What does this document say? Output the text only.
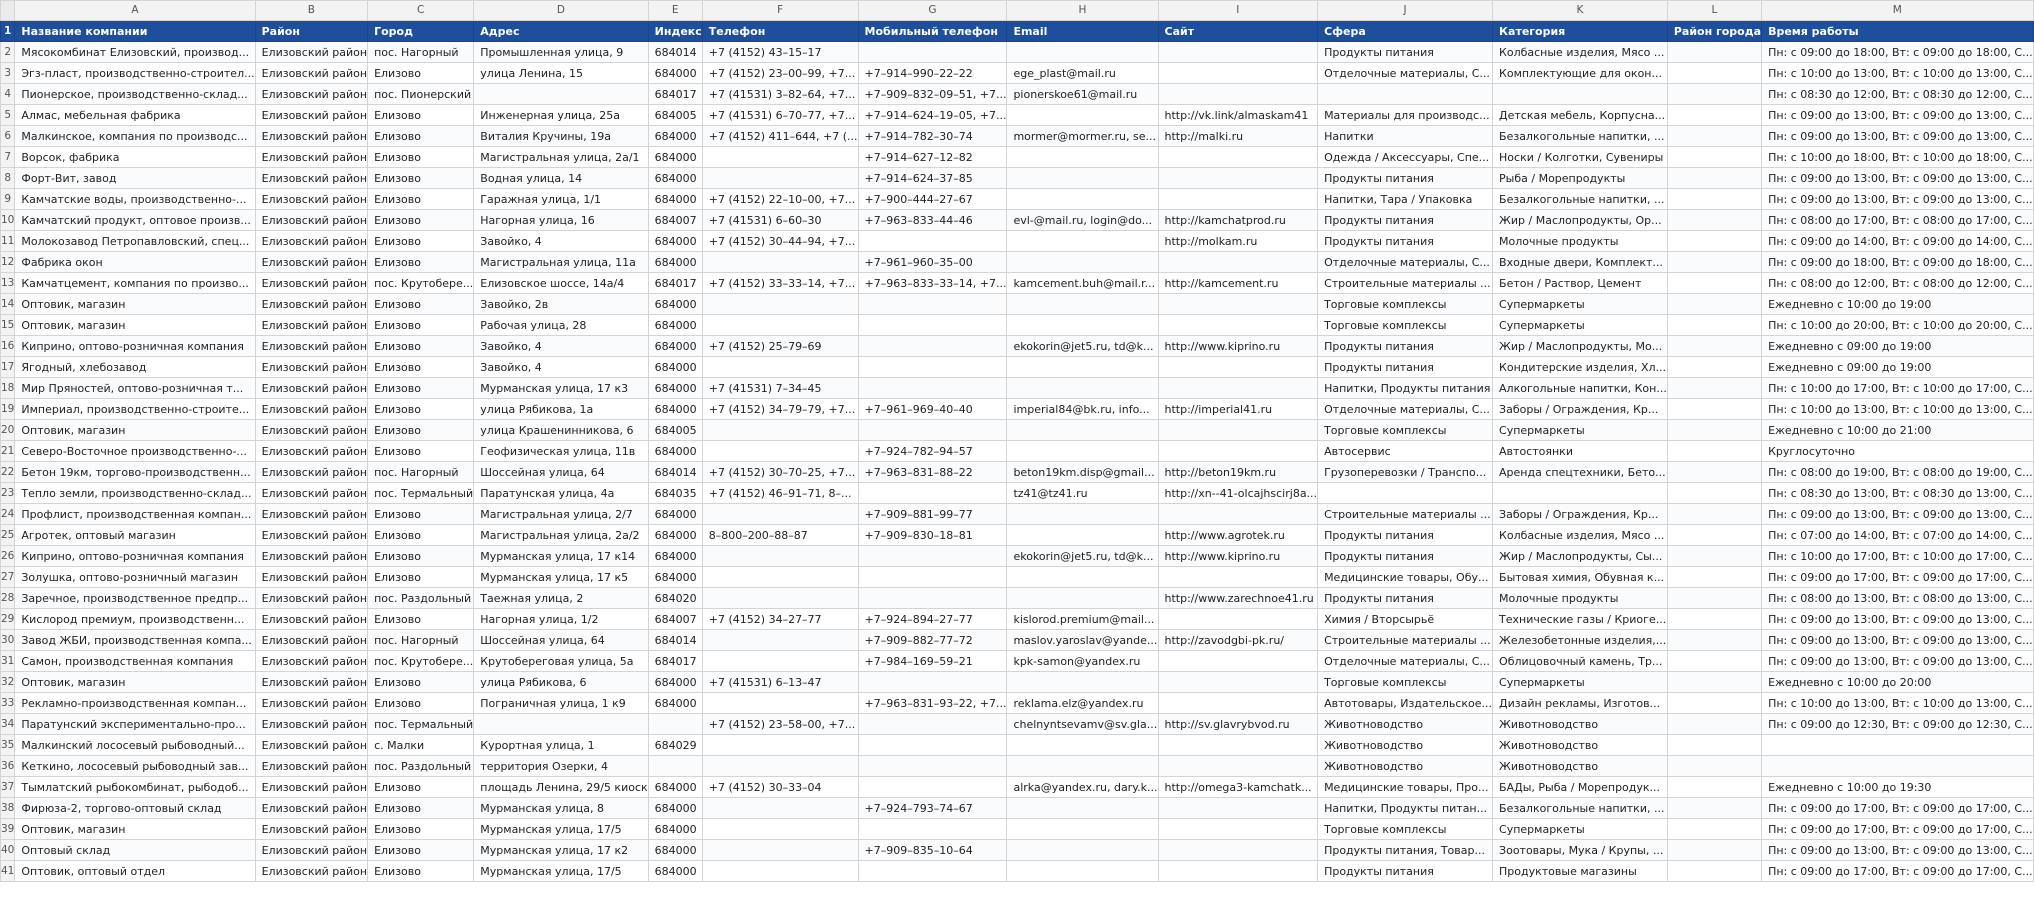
	A	B	C	D	E	F	G	H	I	J	K	L	M
1	Название компании	Район	Город	Адрес	Индекс	Телефон	Мобильный телефон	Email	Сайт	Сфера	Категория	Район города	Время работы
2	Мясокомбинат Елизовский, производ...	Елизовский район	пос. Нагорный	Промышленная улица, 9	684014	+7 (4152) 43–15–17				Продукты питания	Колбасные изделия, Мясо ...		Пн: с 09:00 до 18:00, Вт: с 09:00 до 18:00, С...
3	Эгз-пласт, производственно-строител...	Елизовский район	Елизово	улица Ленина, 15	684000	+7 (4152) 23–00–99, +7...	+7–914–990–22–22	ege_plast@mail.ru		Отделочные материалы, С...	Комплектующие для окон...		Пн: с 10:00 до 13:00, Вт: с 10:00 до 13:00, С...
4	Пионерское, производственно-склад...	Елизовский район	пос. Пионерский		684017	+7 (41531) 3–82–64, +7...	+7–909–832–09–51, +7...	pionerskoe61@mail.ru					Пн: с 08:30 до 12:00, Вт: с 08:30 до 12:00, С...
5	Алмас, мебельная фабрика	Елизовский район	Елизово	Инженерная улица, 25а	684005	+7 (41531) 6–70–77, +7...	+7–914–624–19–05, +7...		http://vk.link/almaskam41	Материалы для производс...	Детская мебель, Корпусна...		Пн: с 09:00 до 13:00, Вт: с 09:00 до 13:00, С...
6	Малкинское, компания по производс...	Елизовский район	Елизово	Виталия Кручины, 19а	684000	+7 (4152) 411–644, +7 (...	+7–914–782–30–74	mormer@mormer.ru, se...	http://malki.ru	Напитки	Безалкогольные напитки, ...		Пн: с 09:00 до 13:00, Вт: с 09:00 до 13:00, С...
7	Ворсок, фабрика	Елизовский район	Елизово	Магистральная улица, 2а/1	684000		+7–914–627–12–82			Одежда / Аксессуары, Спе...	Носки / Колготки, Сувениры		Пн: с 10:00 до 18:00, Вт: с 10:00 до 18:00, С...
8	Форт-Вит, завод	Елизовский район	Елизово	Водная улица, 14	684000		+7–914–624–37–85			Продукты питания	Рыба / Морепродукты		Пн: с 09:00 до 13:00, Вт: с 09:00 до 13:00, С...
9	Камчатские воды, производственно-...	Елизовский район	Елизово	Гаражная улица, 1/1	684000	+7 (4152) 22–10–00, +7...	+7–900–444–27–67			Напитки, Тара / Упаковка	Безалкогольные напитки, ...		Пн: с 09:00 до 13:00, Вт: с 09:00 до 13:00, С...
10	Камчатский продукт, оптовое произв...	Елизовский район	Елизово	Нагорная улица, 16	684007	+7 (41531) 6–60–30	+7–963–833–44–46	evl-@mail.ru, login@do...	http://kamchatprod.ru	Продукты питания	Жир / Маслопродукты, Ор...		Пн: с 08:00 до 17:00, Вт: с 08:00 до 17:00, С...
11	Молокозавод Петропавловский, спец...	Елизовский район	Елизово	Завойко, 4	684000	+7 (4152) 30–44–94, +7...			http://molkam.ru	Продукты питания	Молочные продукты		Пн: с 09:00 до 14:00, Вт: с 09:00 до 14:00, С...
12	Фабрика окон	Елизовский район	Елизово	Магистральная улица, 11а	684000		+7–961–960–35–00			Отделочные материалы, С...	Входные двери, Комплект...		Пн: с 09:00 до 18:00, Вт: с 09:00 до 18:00, С...
13	Камчатцемент, компания по произво...	Елизовский район	пос. Крутоберe...	Елизовское шоссе, 14а/4	684017	+7 (4152) 33–33–14, +7...	+7–963–833–33–14, +7...	kamcement.buh@mail.r...	http://kamcement.ru	Строительные материалы ...	Бетон / Раствор, Цемент		Пн: с 08:00 до 12:00, Вт: с 08:00 до 12:00, С...
14	Оптовик, магазин	Елизовский район	Елизово	Завойко, 2в	684000					Торговые комплексы	Супермаркеты		Ежедневно с 10:00 до 19:00
15	Оптовик, магазин	Елизовский район	Елизово	Рабочая улица, 28	684000					Торговые комплексы	Супермаркеты		Пн: с 10:00 до 20:00, Вт: с 10:00 до 20:00, С...
16	Киприно, оптово-розничная компания	Елизовский район	Елизово	Завойко, 4	684000	+7 (4152) 25–79–69		ekokorin@jet5.ru, td@k...	http://www.kiprino.ru	Продукты питания	Жир / Маслопродукты, Мо...		Ежедневно с 09:00 до 19:00
17	Ягодный, хлебозавод	Елизовский район	Елизово	Завойко, 4	684000					Продукты питания	Кондитерские изделия, Хл...		Ежедневно с 09:00 до 19:00
18	Мир Пряностей, оптово-розничная т...	Елизовский район	Елизово	Мурманская улица, 17 к3	684000	+7 (41531) 7–34–45				Напитки, Продукты питания	Алкогольные напитки, Кон...		Пн: с 10:00 до 17:00, Вт: с 10:00 до 17:00, С...
19	Империал, производственно-строите...	Елизовский район	Елизово	улица Рябикова, 1а	684000	+7 (4152) 34–79–79, +7...	+7–961–969–40–40	imperial84@bk.ru, info...	http://imperial41.ru	Отделочные материалы, С...	Заборы / Ограждения, Кр...		Пн: с 10:00 до 13:00, Вт: с 10:00 до 13:00, С...
20	Оптовик, магазин	Елизовский район	Елизово	улица Крашенинникова, 6	684005					Торговые комплексы	Супермаркеты		Ежедневно с 10:00 до 21:00
21	Северо-Восточное производственно-...	Елизовский район	Елизово	Геофизическая улица, 11в	684000		+7–924–782–94–57			Автосервис	Автостоянки		Круглосуточно
22	Бетон 19км, торгово-производственн...	Елизовский район	пос. Нагорный	Шоссейная улица, 64	684014	+7 (4152) 30–70–25, +7...	+7–963–831–88–22	beton19km.disp@gmail...	http://beton19km.ru	Грузоперевозки / Транспо...	Аренда спецтехники, Бето...		Пн: с 08:00 до 19:00, Вт: с 08:00 до 19:00, С...
23	Тепло земли, производственно-склад...	Елизовский район	пос. Термальный	Паратунская улица, 4а	684035	+7 (4152) 46–91–71, 8–...		tz41@tz41.ru	http://xn--41-olcajhscirj8a...				Пн: с 08:30 до 13:00, Вт: с 08:30 до 13:00, С...
24	Профлист, производственная компан...	Елизовский район	Елизово	Магистральная улица, 2/7	684000		+7–909–881–99–77			Строительные материалы ...	Заборы / Ограждения, Кр...		Пн: с 09:00 до 13:00, Вт: с 09:00 до 13:00, С...
25	Агротек, оптовый магазин	Елизовский район	Елизово	Магистральная улица, 2а/2	684000	8–800–200–88–87	+7–909–830–18–81		http://www.agrotek.ru	Продукты питания	Колбасные изделия, Мясо ...		Пн: с 07:00 до 14:00, Вт: с 07:00 до 14:00, С...
26	Киприно, оптово-розничная компания	Елизовский район	Елизово	Мурманская улица, 17 к14	684000			ekokorin@jet5.ru, td@k...	http://www.kiprino.ru	Продукты питания	Жир / Маслопродукты, Сы...		Пн: с 10:00 до 17:00, Вт: с 10:00 до 17:00, С...
27	Золушка, оптово-розничный магазин	Елизовский район	Елизово	Мурманская улица, 17 к5	684000					Медицинские товары, Обу...	Бытовая химия, Обувная к...		Пн: с 09:00 до 17:00, Вт: с 09:00 до 17:00, С...
28	Заречное, производственное предпр...	Елизовский район	пос. Раздольный	Таежная улица, 2	684020				http://www.zarechnoe41.ru	Продукты питания	Молочные продукты		Пн: с 08:00 до 13:00, Вт: с 08:00 до 13:00, С...
29	Кислород премиум, производственн...	Елизовский район	Елизово	Нагорная улица, 1/2	684007	+7 (4152) 34–27–77	+7–924–894–27–77	kislorod.premium@mail...		Химия / Вторсырьё	Технические газы / Криоге...		Пн: с 09:00 до 13:00, Вт: с 09:00 до 13:00, С...
30	Завод ЖБИ, производственная компа...	Елизовский район	пос. Нагорный	Шоссейная улица, 64	684014		+7–909–882–77–72	maslov.yaroslav@yande...	http://zavodgbi-pk.ru/	Строительные материалы ...	Железобетонные изделия,...		Пн: с 09:00 до 13:00, Вт: с 09:00 до 13:00, С...
31	Самон, производственная компания	Елизовский район	пос. Крутоберe...	Крутобереговая улица, 5а	684017		+7–984–169–59–21	kpk-samon@yandex.ru		Отделочные материалы, С...	Облицовочный камень, Тр...		Пн: с 09:00 до 13:00, Вт: с 09:00 до 13:00, С...
32	Оптовик, магазин	Елизовский район	Елизово	улица Рябикова, 6	684000	+7 (41531) 6–13–47				Торговые комплексы	Супермаркеты		Ежедневно с 10:00 до 20:00
33	Рекламно-производственная компан...	Елизовский район	Елизово	Пограничная улица, 1 к9	684000		+7–963–831–93–22, +7...	reklama.elz@yandex.ru		Автотовары, Издательское...	Дизайн рекламы, Изготов...		Пн: с 10:00 до 13:00, Вт: с 10:00 до 13:00, С...
34	Паратунский экспериментально-про...	Елизовский район	пос. Термальный			+7 (4152) 23–58–00, +7...		chelnyntsevamv@sv.gla...	http://sv.glavrybvod.ru	Животноводство	Животноводство		Пн: с 09:00 до 12:30, Вт: с 09:00 до 12:30, С...
35	Малкинский лососевый рыбоводный...	Елизовский район	с. Малки	Курортная улица, 1	684029					Животноводство	Животноводство		
36	Кеткино, лососевый рыбоводный зав...	Елизовский район	пос. Раздольный	территория Озерки, 4						Животноводство	Животноводство		
37	Тымлатский рыбокомбинат, рыбодоб...	Елизовский район	Елизово	площадь Ленина, 29/5 киоск	684000	+7 (4152) 30–33–04		alrka@yandex.ru, dary.k...	http://omega3-kamchatk...	Медицинские товары, Про...	БАДы, Рыба / Морепродук...		Ежедневно с 10:00 до 19:30
38	Фирюза-2, торгово-оптовый склад	Елизовский район	Елизово	Мурманская улица, 8	684000		+7–924–793–74–67			Напитки, Продукты питан...	Безалкогольные напитки, ...		Пн: с 09:00 до 17:00, Вт: с 09:00 до 17:00, С...
39	Оптовик, магазин	Елизовский район	Елизово	Мурманская улица, 17/5	684000					Торговые комплексы	Супермаркеты		Пн: с 09:00 до 17:00, Вт: с 09:00 до 17:00, С...
40	Оптовый склад	Елизовский район	Елизово	Мурманская улица, 17 к2	684000		+7–909–835–10–64			Продукты питания, Товар...	Зоотовары, Мука / Крупы, ...		Пн: с 09:00 до 13:00, Вт: с 09:00 до 13:00, С...
41	Оптовик, оптовый отдел	Елизовский район	Елизово	Мурманская улица, 17/5	684000					Продукты питания	Продуктовые магазины		Пн: с 09:00 до 17:00, Вт: с 09:00 до 17:00, С...
